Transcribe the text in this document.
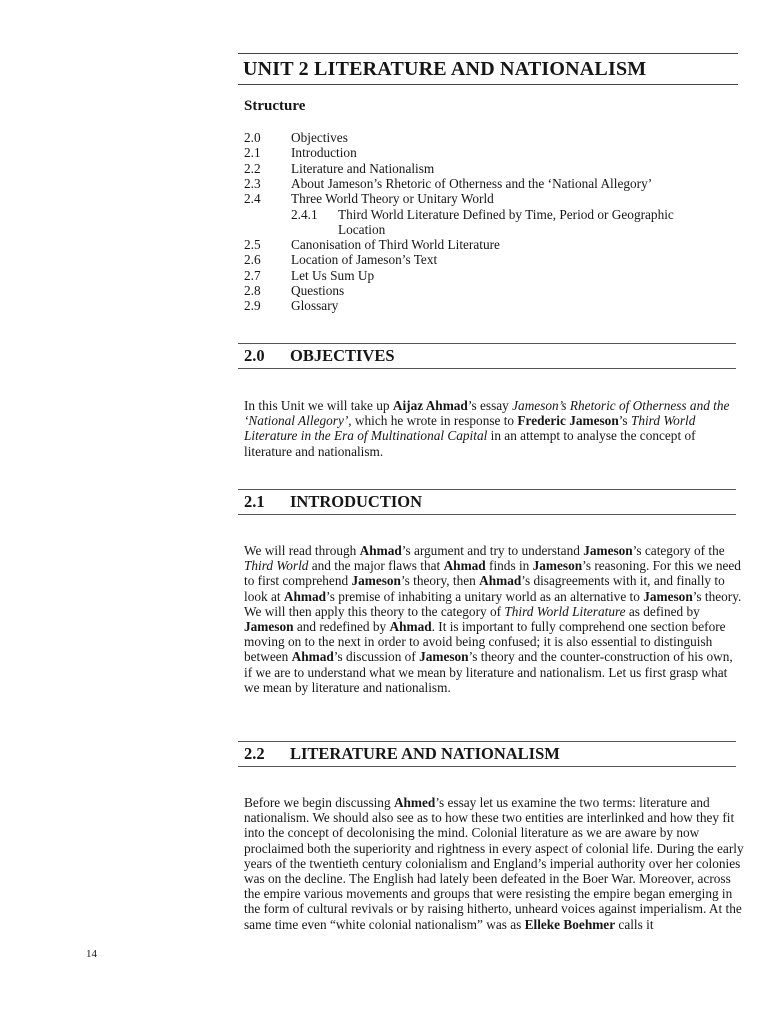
UNIT 2 LITERATURE AND NATIONALISM
Structure
2.0 Objectives
2.1 Introduction
2.2 Literature and Nationalism
2.3 About Jameson’s Rhetoric of Otherness and the ‘National Allegory’
2.4 Three World Theory or Unitary World
2.4.1 Third World Literature Defined by Time, Period or Geographic
Location
2.5 Canonisation of Third World Literature
2.6 Location of Jameson’s Text
2.7 Let Us Sum Up
2.8 Questions
2.9 Glossary
2.0 OBJECTIVES
In this Unit we will take up Aijaz Ahmad’s essay Jameson’s Rhetoric of Otherness and the ‘National Allegory’, which he wrote in response to Frederic Jameson’s Third World Literature in the Era of Multinational Capital in an attempt to analyse the concept of literature and nationalism.
2.1 INTRODUCTION
We will read through Ahmad’s argument and try to understand Jameson’s category of the Third World and the major flaws that Ahmad finds in Jameson’s reasoning. For this we need to first comprehend Jameson’s theory, then Ahmad’s disagreements with it, and finally to look at Ahmad’s premise of inhabiting a unitary world as an alternative to Jameson’s theory. We will then apply this theory to the category of Third World Literature as defined by Jameson and redefined by Ahmad. It is important to fully comprehend one section before moving on to the next in order to avoid being confused; it is also essential to distinguish between Ahmad’s discussion of Jameson’s theory and the counter-construction of his own, if we are to understand what we mean by literature and nationalism. Let us first grasp what we mean by literature and nationalism.
2.2 LITERATURE AND NATIONALISM
Before we begin discussing Ahmed’s essay let us examine the two terms: literature and nationalism. We should also see as to how these two entities are interlinked and how they fit into the concept of decolonising the mind. Colonial literature as we are aware by now proclaimed both the superiority and rightness in every aspect of colonial life. During the early years of the twentieth century colonialism and England’s imperial authority over her colonies was on the decline. The English had lately been defeated in the Boer War. Moreover, across the empire various movements and groups that were resisting the empire began emerging in the form of cultural revivals or by raising hitherto, unheard voices against imperialism. At the same time even “white colonial nationalism” was as Elleke Boehmer calls it
14
